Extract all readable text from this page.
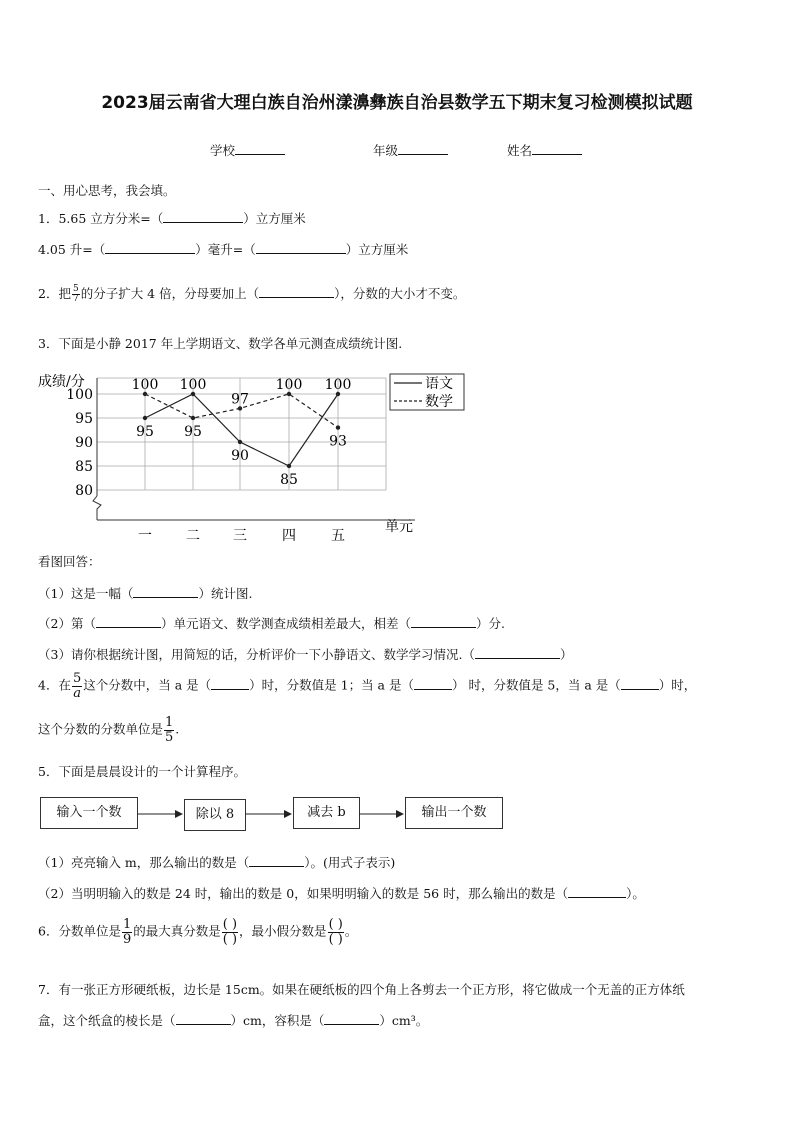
2023届云南省大理白族自治州漾濞彝族自治县数学五下期末复习检测模拟试题
学校	年级	姓名
一、用心思考，我会填。
1．5.65 立方分米=（	）立方厘米
4.05 升=（	）毫升=（	）立方厘米
2．把 $\frac{5}{7}$ 的分子扩大 4 倍，分母要加上（	），分数的大小才不变。
3．下面是小静 2017 年上学期语文、数学各单元测查成绩统计图.
成绩/分
100
95
90
85
80
一 二 三	四	五
单元
95
100 100
95
90
97
85
100 100
93
语文
数学
看图回答：
（1）这是一幅（	）统计图.
（2）第（	）单元语文、数学测查成绩相差最大，相差（	）分.
（3）请你根据统计图，用简短的话，分析评价一下小静语文、数学学习情况.（	）
4．在 $\frac{5}{a}$ 这个分数中，当 a 是（	）时，分数值是 1；当 a 是（	） 时，分数值是 5，当 a 是（	）时，
这个分数的分数单位是 $\frac{1}{5}$ .
5．下面是晨晨设计的一个计算程序。
输入一个数	除以 8	减去 b	输出一个数
（1）亮亮输入 m，那么输出的数是（	）。(用式子表示)
（2）当明明输入的数是 24 时，输出的数是 0，如果明明输入的数是 56 时，那么输出的数是（	）。
6．分数单位是 $\frac{1}{9}$ 的最大真分数是 $\frac{( )}{( )}$ ，最小假分数是 $\frac{( )}{( )}$ 。
7．有一张正方形硬纸板，边长是 15cm。如果在硬纸板的四个角上各剪去一个正方形，将它做成一个无盖的正方体纸
盒，这个纸盒的棱长是（	）cm，容积是（	）cm³。
